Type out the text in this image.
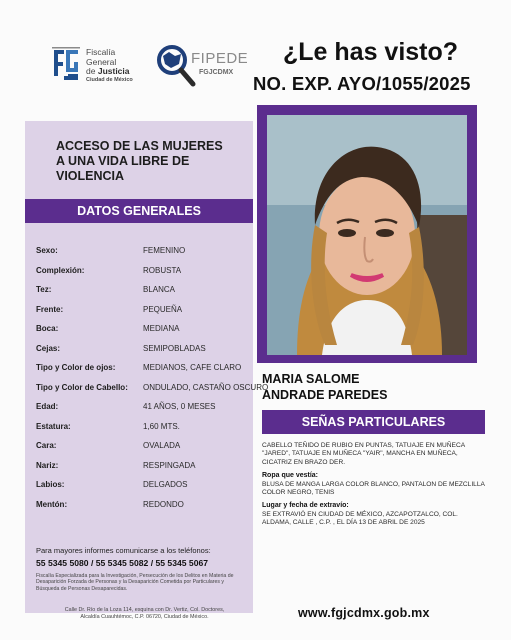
Fiscalía
General
de Justicia
Ciudad de México
FIPEDE
FGJCDMX
¿Le has visto?
NO. EXP. AYO/1055/2025
ACCESO DE LAS MUJERES
A UNA VIDA LIBRE DE
VIOLENCIA
DATOS GENERALES
Sexo:	FEMENINO
Complexión:	ROBUSTA
Tez:	BLANCA
Frente:	PEQUEÑA
Boca:	MEDIANA
Cejas:	SEMIPOBLADAS
Tipo y Color de ojos:	MEDIANOS, CAFE CLARO
Tipo y Color de Cabello: ONDULADO, CASTAÑO OSCURO
Edad:	41 AÑOS, 0 MESES
Estatura:	1,60 MTS.
Cara:	OVALADA
Nariz:	RESPINGADA
Labios:	DELGADOS
Mentón:	REDONDO
Para mayores informes comunicarse a los teléfonos:
55 5345 5080 / 55 5345 5082 / 55 5345 5067
Fiscalía Especializada para la Investigación, Persecución de los Delitos en Materia de Desaparición Forzada de Personas y la Desaparición Cometida por Particulares y Búsqueda de Personas Desaparecidas.
Calle Dr. Río de la Loza 114, esquina con Dr. Vertiz, Col. Doctores, Alcaldía Cuauhtémoc, C.P. 06720, Ciudad de México.
MARIA SALOME
ANDRADE PAREDES
SEÑAS PARTICULARES
CABELLO TEÑIDO DE RUBIO EN PUNTAS, TATUAJE EN MUÑECA "JARED", TATUAJE EN MUÑECA "YAIR", MANCHA EN MUÑECA, CICATRIZ EN BRAZO DER.
Ropa que vestía:
BLUSA DE MANGA LARGA COLOR BLANCO, PANTALON DE MEZCLILLA COLOR NEGRO, TENIS
Lugar y fecha de extravío:
SE EXTRAVIÓ EN CIUDAD DE MÉXICO, AZCAPOTZALCO, COL. ALDAMA, CALLE , C.P. , EL DÍA 13 DE ABRIL DE 2025
www.fgjcdmx.gob.mx
